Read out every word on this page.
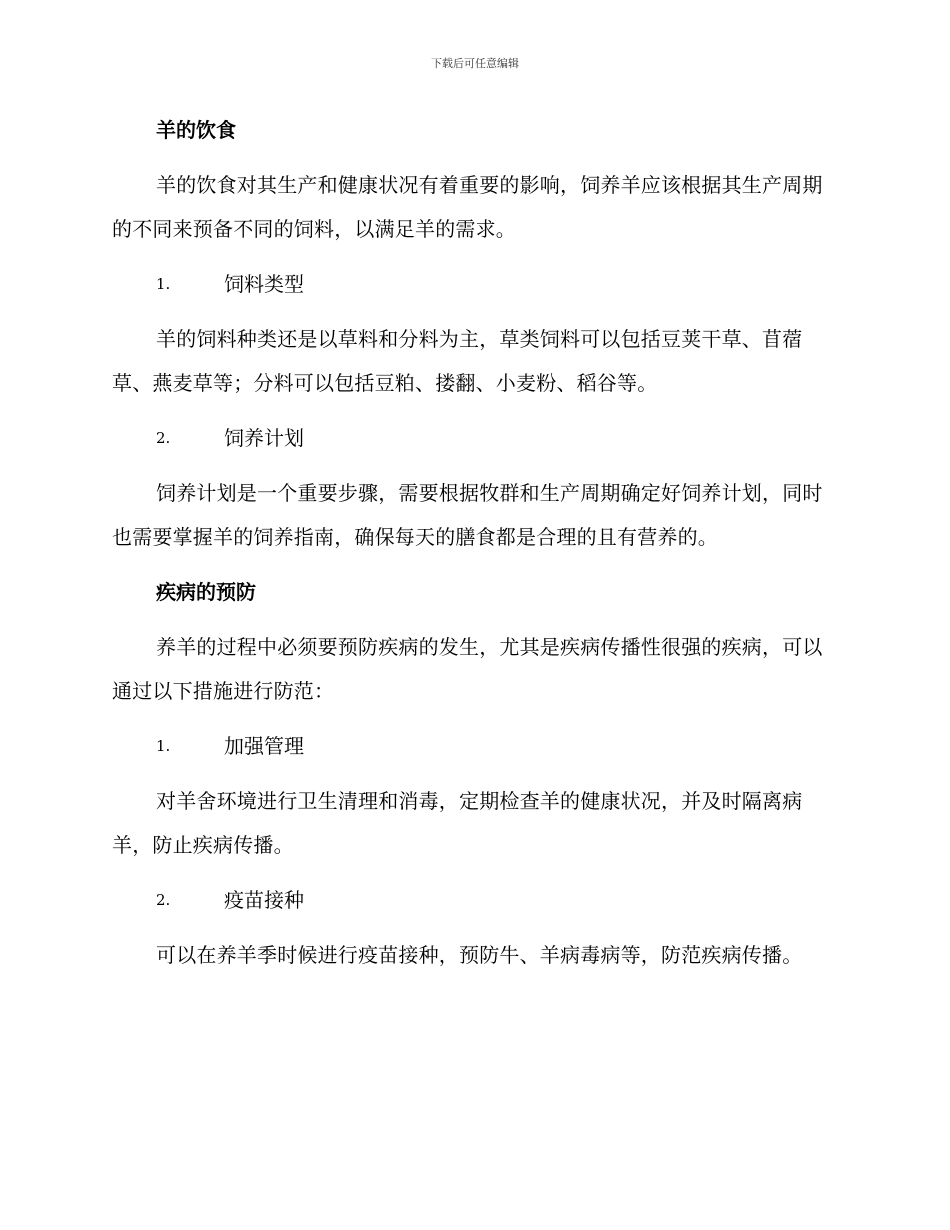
下载后可任意编辑
羊的饮食

羊的饮食对其生产和健康状况有着重要的影响，饲养羊应该根据其生产周期的不同来预备不同的饲料，以满足羊的需求。

1.	饲料类型

羊的饲料种类还是以草料和分料为主，草类饲料可以包括豆荚干草、苜蓿草、燕麦草等；分料可以包括豆粕、搂翻、小麦粉、稻谷等。

2.	饲养计划

饲养计划是一个重要步骤，需要根据牧群和生产周期确定好饲养计划，同时也需要掌握羊的饲养指南，确保每天的膳食都是合理的且有营养的。

疾病的预防

养羊的过程中必须要预防疾病的发生，尤其是疾病传播性很强的疾病，可以通过以下措施进行防范：

1.	加强管理

对羊舍环境进行卫生清理和消毒，定期检查羊的健康状况，并及时隔离病羊，防止疾病传播。

2.	疫苗接种

可以在养羊季时候进行疫苗接种，预防牛、羊病毒病等，防范疾病传播。
